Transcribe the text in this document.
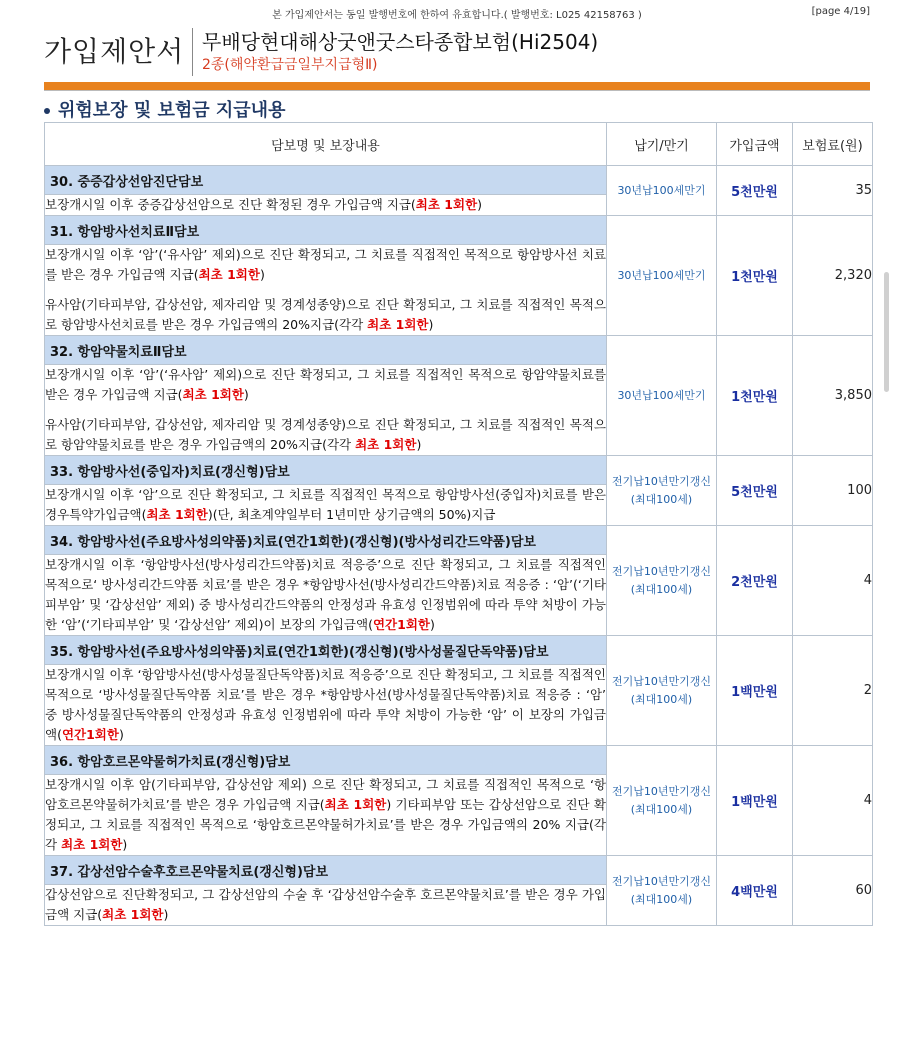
본 가입제안서는 동일 발행번호에 한하여 유효합니다.( 발행번호: L025 42158763 )	[page 4/19]
가입제안서 무배당현대해상굿앤굿스타종합보험(Hi2504)
2종(해약환급금일부지급형Ⅱ)
위험보장 및 보험금 지급내용
담보명 및 보장내용	납기/만기	가입금액	보험료(원)
30. 중증갑상선암진단담보	30년납100세만기	5천만원	35

보장개시일 이후 중증갑상선암으로 진단 확정된 경우 가입금액 지급(최초 1회한)			

31. 항암방사선치료Ⅱ담보	30년납100세만기	1천만원	2,320

보장개시일 이후 ‘암’(‘유사암’ 제외)으로 진단 확정되고, 그 치료를 직접적인 목적으로 항암방사선 치료를 받은 경우 가입금액 지급(최초 1회한)
유사암(기타피부암, 갑상선암, 제자리암 및 경계성종양)으로 진단 확정되고, 그 치료를 직접적인 목적으로 항암방사선치료를 받은 경우 가입금액의 20%지급(각각 최초 1회한)			

32. 항암약물치료Ⅱ담보	30년납100세만기	1천만원	3,850

보장개시일 이후 ‘암’(‘유사암’ 제외)으로 진단 확정되고, 그 치료를 직접적인 목적으로 항암약물치료를 받은 경우 가입금액 지급(최초 1회한)
유사암(기타피부암, 갑상선암, 제자리암 및 경계성종양)으로 진단 확정되고, 그 치료를 직접적인 목적으로 항암약물치료를 받은 경우 가입금액의 20%지급(각각 최초 1회한)			

33. 항암방사선(중입자)치료(갱신형)담보	전기납10년만기갱신(최대100세)	5천만원	100

보장개시일 이후 ‘암’으로 진단 확정되고, 그 치료를 직접적인 목적으로 항암방사선(중입자)치료를 받은 경우특약가입금액(최초 1회한)(단, 최초계약일부터 1년미만 상기금액의 50%)지급			

34. 항암방사선(주요방사성의약품)치료(연간1회한)(갱신형)(방사성리간드약품)담보	전기납10년만기갱신(최대100세)	2천만원	4

보장개시일 이후 ‘항암방사선(방사성리간드약품)치료 적응증’으로 진단 확정되고, 그 치료를 직접적인 목적으로‘ 방사성리간드약품 치료’를 받은 경우 *항암방사선(방사성리간드약품)치료 적응증 : ‘암’(‘기타피부암’ 및 ‘갑상선암’ 제외) 중 방사성리간드약품의 안정성과 유효성 인정범위에 따라 투약 처방이 가능한 ‘암’(‘기타피부암’ 및 ‘갑상선암’ 제외)이 보장의 가입금액(연간1회한)			

35. 항암방사선(주요방사성의약품)치료(연간1회한)(갱신형)(방사성물질단독약품)담보	전기납10년만기갱신(최대100세)	1백만원	2

보장개시일 이후 ‘항암방사선(방사성물질단독약품)치료 적응증’으로 진단 확정되고, 그 치료를 직접적인 목적으로 ‘방사성물질단독약품 치료’를 받은 경우 *항암방사선(방사성물질단독약품)치료 적응증 : ‘암’ 중 방사성물질단독약품의 안정성과 유효성 인정범위에 따라 투약 처방이 가능한 ‘암’ 이 보장의 가입금액(연간1회한)			

36. 항암호르몬약물허가치료(갱신형)담보	전기납10년만기갱신(최대100세)	1백만원	4

보장개시일 이후 암(기타피부암, 갑상선암 제외) 으로 진단 확정되고, 그 치료를 직접적인 목적으로 ‘항암호르몬약물허가치료’를 받은 경우 가입금액 지급(최초 1회한) 기타피부암 또는 갑상선암으로 진단 확정되고, 그 치료를 직접적인 목적으로 ‘항암호르몬약물허가치료’를 받은 경우 가입금액의 20% 지급(각각 최초 1회한)			

37. 갑상선암수술후호르몬약물치료(갱신형)담보	전기납10년만기갱신(최대100세)	4백만원	60

갑상선암으로 진단확정되고, 그 갑상선암의 수술 후 ‘갑상선암수술후 호르몬약물치료’를 받은 경우 가입금액 지급(최초 1회한)			
